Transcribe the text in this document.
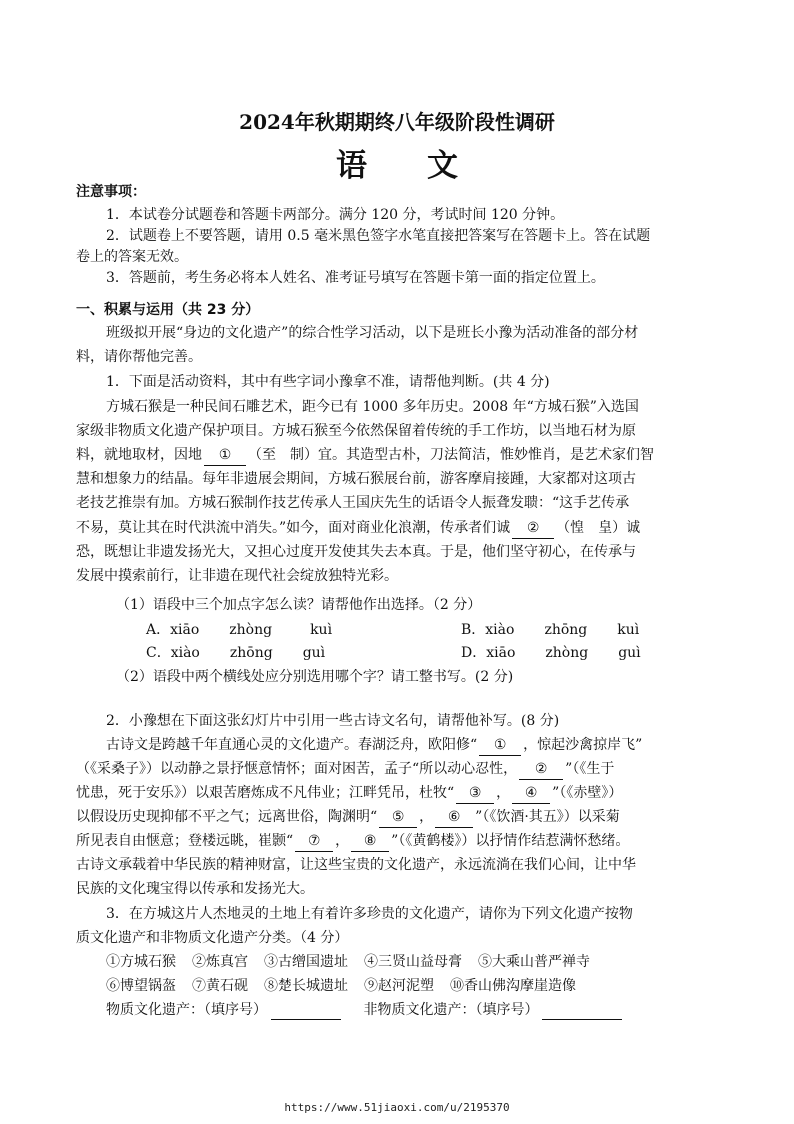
2024年秋期期终八年级阶段性调研
语文
注意事项：
1．本试卷分试题卷和答题卡两部分。满分 120 分，考试时间 120 分钟。
2．试题卷上不要答题，请用 0.5 毫米黑色签字水笔直接把答案写在答题卡上。答在试题
卷上的答案无效。
3．答题前，考生务必将本人姓名、准考证号填写在答题卡第一面的指定位置上。
一、积累与运用（共 23 分）
班级拟开展“身边的文化遗产”的综合性学习活动，以下是班长小豫为活动准备的部分材
料，请你帮他完善。
1．下面是活动资料，其中有些字词小豫拿不准，请帮他判断。(共 4 分)
方城石猴是一种民间石雕艺术，距今已有 1000 多年历史。2008 年“方城石猴”入选国
家级非物质文化遗产保护项目。方城石猴至今依然保留着传统的手工作坊，以当地石材为原
料，就地取材，因地 ① （至　制）宜。其造型古朴，刀法简洁，惟妙惟肖，是艺术家们智
慧和想象力的结晶。每年非遗展会期间，方城石猴展台前，游客摩肩接踵，大家都对这项古
老技艺推崇有加。方城石猴制作技艺传承人王国庆先生的话语令人振聋发聩：“这手艺传承
不易，莫让其在时代洪流中消失。”如今，面对商业化浪潮，传承者们诚 ② （惶　皇）诚
恐，既想让非遗发扬光大，又担心过度开发使其失去本真。于是，他们坚守初心，在传承与
发展中摸索前行，让非遗在现代社会绽放独特光彩。
（1）语段中三个加点字怎么读？请帮他作出选择。（2 分）
A．xiāo zhòng	kuì	B．xiào zhōng kuì
C．xiào zhōng guì	D．xiāo zhòng guì
（2）语段中两个横线处应分别选用哪个字？请工整书写。(2 分)
2．小豫想在下面这张幻灯片中引用一些古诗文名句，请帮他补写。(8 分)
古诗文是跨越千年直通心灵的文化遗产。春湖泛舟，欧阳修“ ① ，惊起沙禽掠岸飞”
（《采桑子》）以动静之景抒惬意情怀；面对困苦，孟子“所以动心忍性， ② ”（《生于
忧患，死于安乐》）以艰苦磨炼成不凡伟业；江畔凭吊，杜牧“ ③ ， ④ ”（《赤壁》）
以假设历史现抑郁不平之气；远离世俗，陶渊明“ ⑤ ， ⑥ ”（《饮酒·其五》）以采菊
所见表自由惬意；登楼远眺，崔颢“ ⑦ ， ⑧ ”（《黄鹤楼》）以抒情作结惹满怀愁绪。
古诗文承载着中华民族的精神财富，让这些宝贵的文化遗产，永远流淌在我们心间，让中华
民族的文化瑰宝得以传承和发扬光大。
3．在方城这片人杰地灵的土地上有着许多珍贵的文化遗产，请你为下列文化遗产按物
质文化遗产和非物质文化遗产分类。（4 分）
①方城石猴 ②炼真宫 ③古缯国遗址 ④三贤山益母膏 ⑤大乘山普严禅寺
⑥博望锅盔 ⑦黄石砚 ⑧楚长城遗址 ⑨赵河泥塑 ⑩香山佛沟摩崖造像
物质文化遗产：（填序号）	非物质文化遗产：（填序号）
https://www.51jiaoxi.com/u/2195370
